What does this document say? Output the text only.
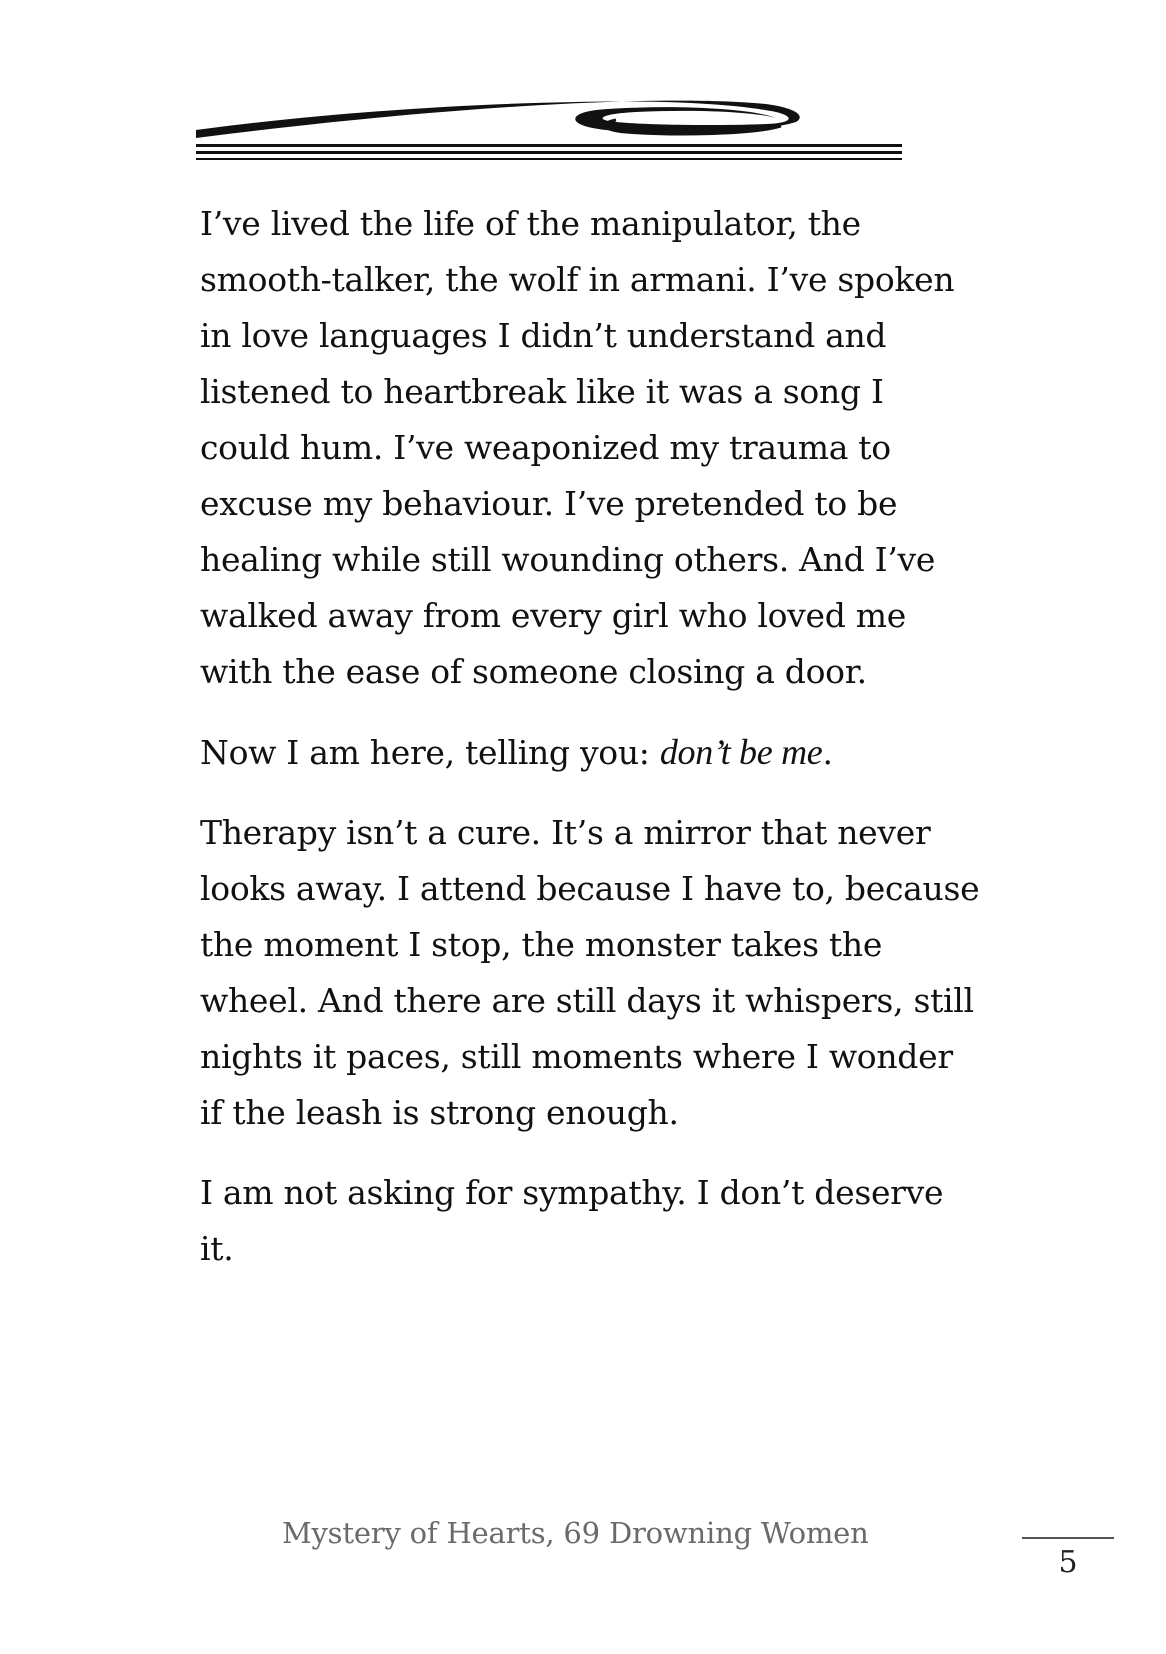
I’ve lived the life of the manipulator, the smooth-talker, the wolf in armani. I’ve spoken in love languages I didn’t understand and listened to heartbreak like it was a song I could hum. I’ve weaponized my trauma to excuse my behaviour. I’ve pretended to be healing while still wounding others. And I’ve walked away from every girl who loved me with the ease of someone closing a door.

Now I am here, telling you: don’t be me.

Therapy isn’t a cure. It’s a mirror that never looks away. I attend because I have to, because the moment I stop, the monster takes the wheel. And there are still days it whispers, still nights it paces, still moments where I wonder if the leash is strong enough.

I am not asking for sympathy. I don’t deserve it.

Mystery of Hearts, 69 Drowning Women
5
